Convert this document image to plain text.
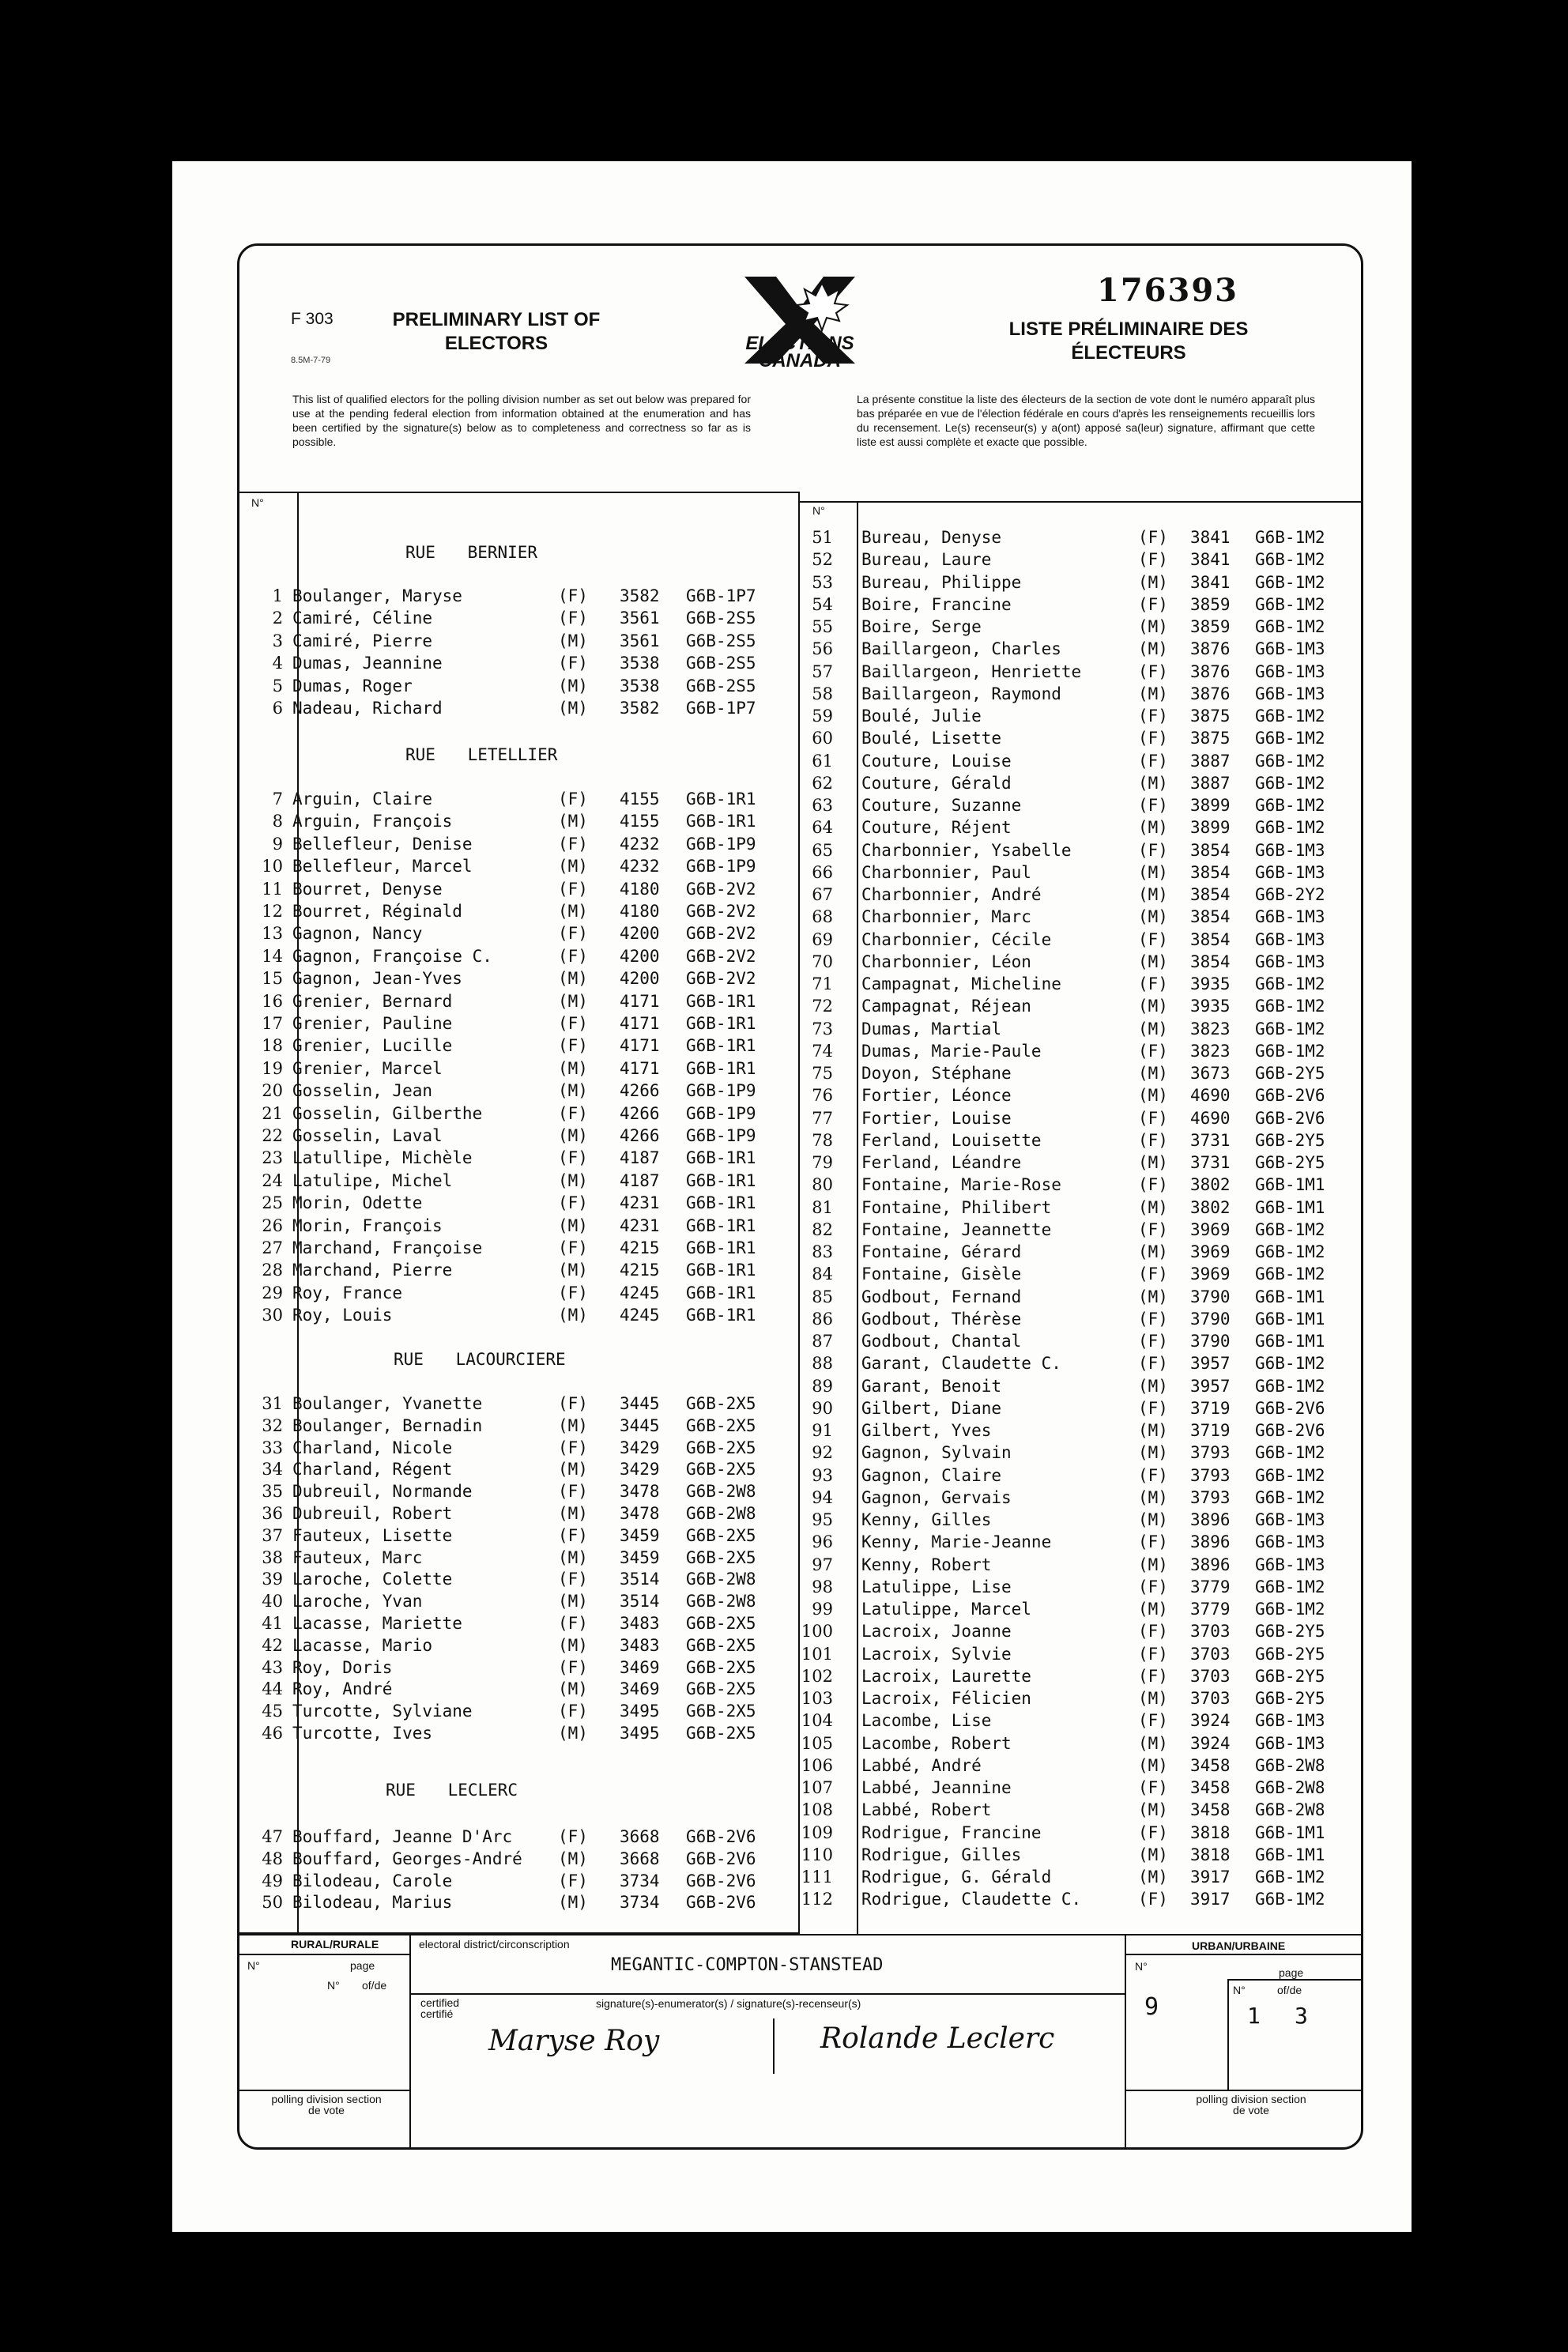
F 303
8.5M-7-79
PRELIMINARY LIST OF ELECTORS	ELECTIONS CANADA
176393
LISTE PRÉLIMINAIRE DES ÉLECTEURS
This list of qualified electors for the polling division number as set out below was prepared for use at the pending federal election from information obtained at the enumeration and has been certified by the signature(s) below as to completeness and correctness so far as is possible.
La présente constitue la liste des électeurs de la section de vote dont le numéro apparaît plus bas préparée en vue de l'élection fédérale en cours d'après les renseignements recueillis lors du recensement. Le(s) recenseur(s) y a(ont) apposé sa(leur) signature, affirmant que cette liste est aussi complète et exacte que possible.
N°
N°
RUE BERNIER
RUE LETELLIER
RUE LACOURCIERE
RUE LECLERC
1 Boulanger, Maryse	(F) 3582 G6B-1P7
2 Camiré, Céline	(F) 3561 G6B-2S5
3 Camiré, Pierre	(M) 3561 G6B-2S5
4 Dumas, Jeannine	(F) 3538 G6B-2S5
5 Dumas, Roger	(M) 3538 G6B-2S5
6 Nadeau, Richard	(M) 3582 G6B-1P7
7 Arguin, Claire	(F) 4155 G6B-1R1
8 Arguin, François	(M) 4155 G6B-1R1
9 Bellefleur, Denise	(F) 4232 G6B-1P9
10 Bellefleur, Marcel	(M) 4232 G6B-1P9
11 Bourret, Denyse	(F) 4180 G6B-2V2
12 Bourret, Réginald	(M) 4180 G6B-2V2
13 Gagnon, Nancy	(F) 4200 G6B-2V2
14 Gagnon, Françoise C.	(F) 4200 G6B-2V2
15 Gagnon, Jean-Yves	(M) 4200 G6B-2V2
16 Grenier, Bernard	(M) 4171 G6B-1R1
17 Grenier, Pauline	(F) 4171 G6B-1R1
18 Grenier, Lucille	(F) 4171 G6B-1R1
19 Grenier, Marcel	(M) 4171 G6B-1R1
20 Gosselin, Jean	(M) 4266 G6B-1P9
21 Gosselin, Gilberthe	(F) 4266 G6B-1P9
22 Gosselin, Laval	(M) 4266 G6B-1P9
23 Latullipe, Michèle	(F) 4187 G6B-1R1
24 Latulipe, Michel	(M) 4187 G6B-1R1
25 Morin, Odette	(F) 4231 G6B-1R1
26 Morin, François	(M) 4231 G6B-1R1
27 Marchand, Françoise	(F) 4215 G6B-1R1
28 Marchand, Pierre	(M) 4215 G6B-1R1
29 Roy, France	(F) 4245 G6B-1R1
30 Roy, Louis	(M) 4245 G6B-1R1
31 Boulanger, Yvanette	(F) 3445 G6B-2X5
32 Boulanger, Bernadin	(M) 3445 G6B-2X5
33 Charland, Nicole	(F) 3429 G6B-2X5
34 Charland, Régent	(M) 3429 G6B-2X5
35 Dubreuil, Normande	(F) 3478 G6B-2W8
36 Dubreuil, Robert	(M) 3478 G6B-2W8
37 Fauteux, Lisette	(F) 3459 G6B-2X5
38 Fauteux, Marc	(M) 3459 G6B-2X5
39 Laroche, Colette	(F) 3514 G6B-2W8
40 Laroche, Yvan	(M) 3514 G6B-2W8
41 Lacasse, Mariette	(F) 3483 G6B-2X5
42 Lacasse, Mario	(M) 3483 G6B-2X5
43 Roy, Doris	(F) 3469 G6B-2X5
44 Roy, André	(M) 3469 G6B-2X5
45 Turcotte, Sylviane	(F) 3495 G6B-2X5
46 Turcotte, Ives	(M) 3495 G6B-2X5
47 Bouffard, Jeanne D'Arc	(F) 3668 G6B-2V6
48 Bouffard, Georges-André (M) 3668 G6B-2V6
49 Bilodeau, Carole	(F) 3734 G6B-2V6
50 Bilodeau, Marius	(M) 3734 G6B-2V6
51 Bureau, Denyse	(F) 3841 G6B-1M2
52 Bureau, Laure	(F) 3841 G6B-1M2
53 Bureau, Philippe	(M) 3841 G6B-1M2
54 Boire, Francine	(F) 3859 G6B-1M2
55 Boire, Serge	(M) 3859 G6B-1M2
56 Baillargeon, Charles	(M) 3876 G6B-1M3
57 Baillargeon, Henriette	(F) 3876 G6B-1M3
58 Baillargeon, Raymond	(M) 3876 G6B-1M3
59 Boulé, Julie	(F) 3875 G6B-1M2
60 Boulé, Lisette	(F) 3875 G6B-1M2
61 Couture, Louise	(F) 3887 G6B-1M2
62 Couture, Gérald	(M) 3887 G6B-1M2
63 Couture, Suzanne	(F) 3899 G6B-1M2
64 Couture, Réjent	(M) 3899 G6B-1M2
65 Charbonnier, Ysabelle	(F) 3854 G6B-1M3
66 Charbonnier, Paul	(M) 3854 G6B-1M3
67 Charbonnier, André	(M) 3854 G6B-2Y2
68 Charbonnier, Marc	(M) 3854 G6B-1M3
69 Charbonnier, Cécile	(F) 3854 G6B-1M3
70 Charbonnier, Léon	(M) 3854 G6B-1M3
71 Campagnat, Micheline	(F) 3935 G6B-1M2
72 Campagnat, Réjean	(M) 3935 G6B-1M2
73 Dumas, Martial	(M) 3823 G6B-1M2
74 Dumas, Marie-Paule	(F) 3823 G6B-1M2
75 Doyon, Stéphane	(M) 3673 G6B-2Y5
76 Fortier, Léonce	(M) 4690 G6B-2V6
77 Fortier, Louise	(F) 4690 G6B-2V6
78 Ferland, Louisette	(F) 3731 G6B-2Y5
79 Ferland, Léandre	(M) 3731 G6B-2Y5
80 Fontaine, Marie-Rose	(F) 3802 G6B-1M1
81 Fontaine, Philibert	(M) 3802 G6B-1M1
82 Fontaine, Jeannette	(F) 3969 G6B-1M2
83 Fontaine, Gérard	(M) 3969 G6B-1M2
84 Fontaine, Gisèle	(F) 3969 G6B-1M2
85 Godbout, Fernand	(M) 3790 G6B-1M1
86 Godbout, Thérèse	(F) 3790 G6B-1M1
87 Godbout, Chantal	(F) 3790 G6B-1M1
88 Garant, Claudette C.	(F) 3957 G6B-1M2
89 Garant, Benoit	(M) 3957 G6B-1M2
90 Gilbert, Diane	(F) 3719 G6B-2V6
91 Gilbert, Yves	(M) 3719 G6B-2V6
92 Gagnon, Sylvain	(M) 3793 G6B-1M2
93 Gagnon, Claire	(F) 3793 G6B-1M2
94 Gagnon, Gervais	(M) 3793 G6B-1M2
95 Kenny, Gilles	(M) 3896 G6B-1M3
96 Kenny, Marie-Jeanne	(F) 3896 G6B-1M3
97 Kenny, Robert	(M) 3896 G6B-1M3
98 Latulippe, Lise	(F) 3779 G6B-1M2
99 Latulippe, Marcel	(M) 3779 G6B-1M2
100 Lacroix, Joanne	(F) 3703 G6B-2Y5
101 Lacroix, Sylvie	(F) 3703 G6B-2Y5
102 Lacroix, Laurette	(F) 3703 G6B-2Y5
103 Lacroix, Félicien	(M) 3703 G6B-2Y5
104 Lacombe, Lise	(F) 3924 G6B-1M3
105 Lacombe, Robert	(M) 3924 G6B-1M3
106 Labbé, André	(M) 3458 G6B-2W8
107 Labbé, Jeannine	(F) 3458 G6B-2W8
108 Labbé, Robert	(M) 3458 G6B-2W8
109 Rodrigue, Francine	(F) 3818 G6B-1M1
110 Rodrigue, Gilles	(M) 3818 G6B-1M1
111 Rodrigue, G. Gérald	(M) 3917 G6B-1M2
112 Rodrigue, Claudette C.	(F) 3917 G6B-1M2
RURAL/RURALE	URBAN/URBAINE
N°	page
N° of/de
polling division section de vote
electoral district/circonscription
MEGANTIC-COMPTON-STANSTEAD
certified certifié
signature(s)-enumerator(s) / signature(s)-recenseur(s)
Maryse Roy	Rolande Leclerc
N°	page
9
N°	of/de
1 3
polling division section de vote
